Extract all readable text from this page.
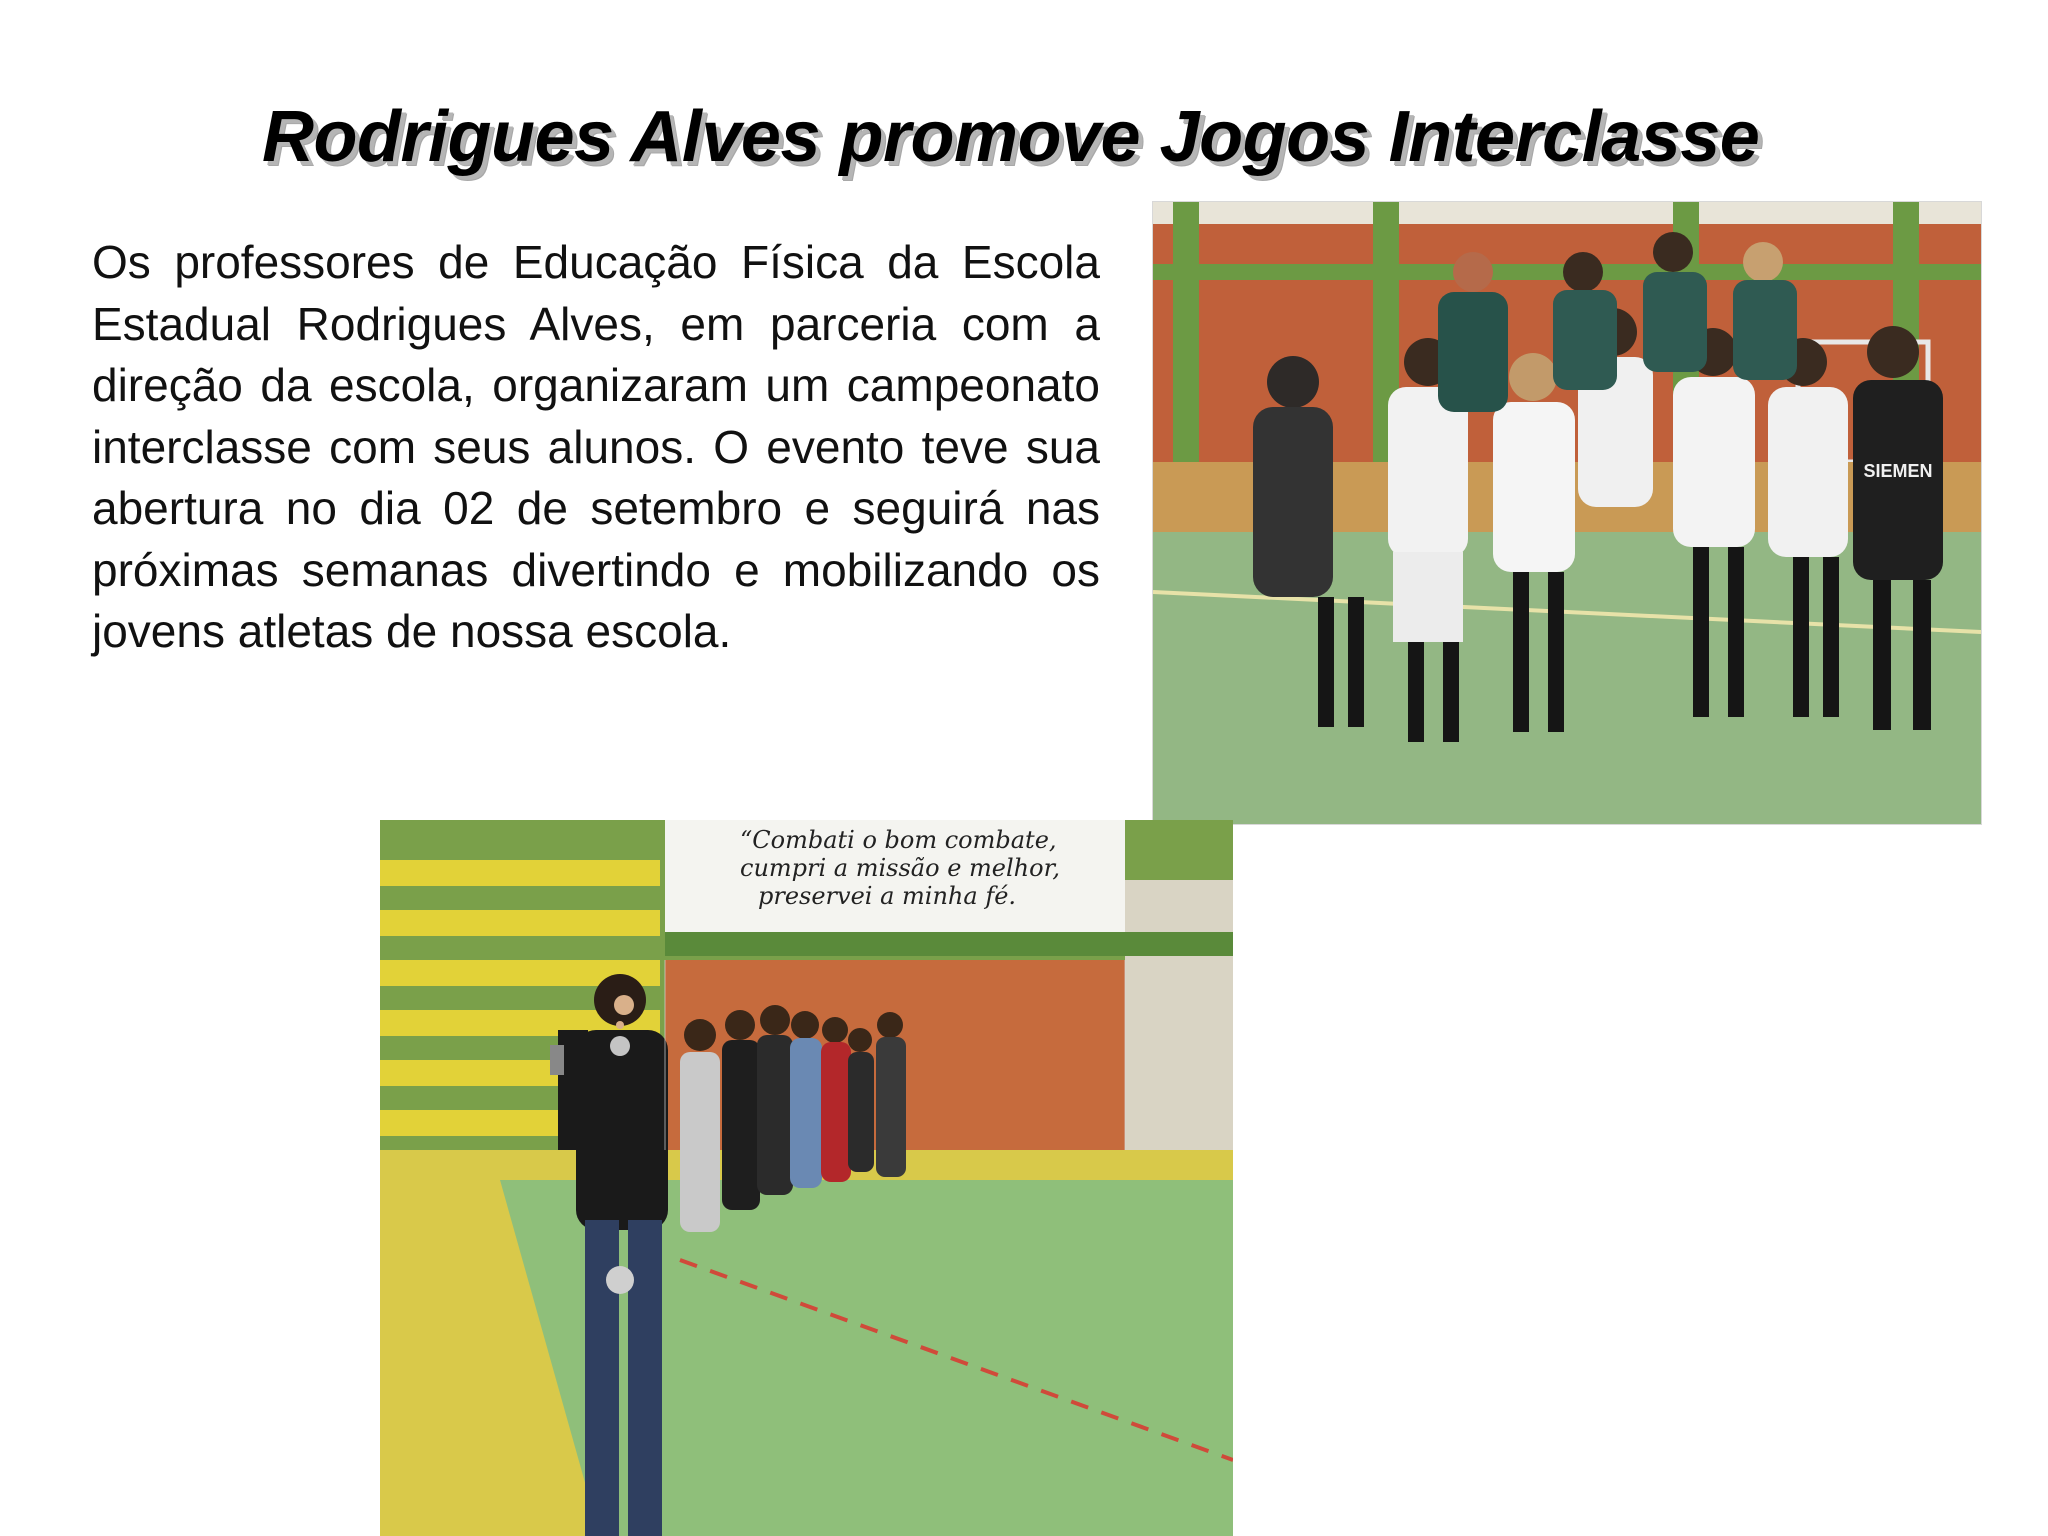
Rodrigues Alves promove Jogos Interclasse

Os professores de Educação Física da Escola Estadual Rodrigues Alves, em parceria com a direção da escola, organizaram um campeonato interclasse com seus alunos. O evento teve sua abertura no dia 02 de setembro e seguirá nas próximas semanas divertindo e mobilizando os jovens atletas de nossa escola.

SIEMEN
“Combati o bom combate,
cumpri a missão e melhor,
preservei a minha fé.
